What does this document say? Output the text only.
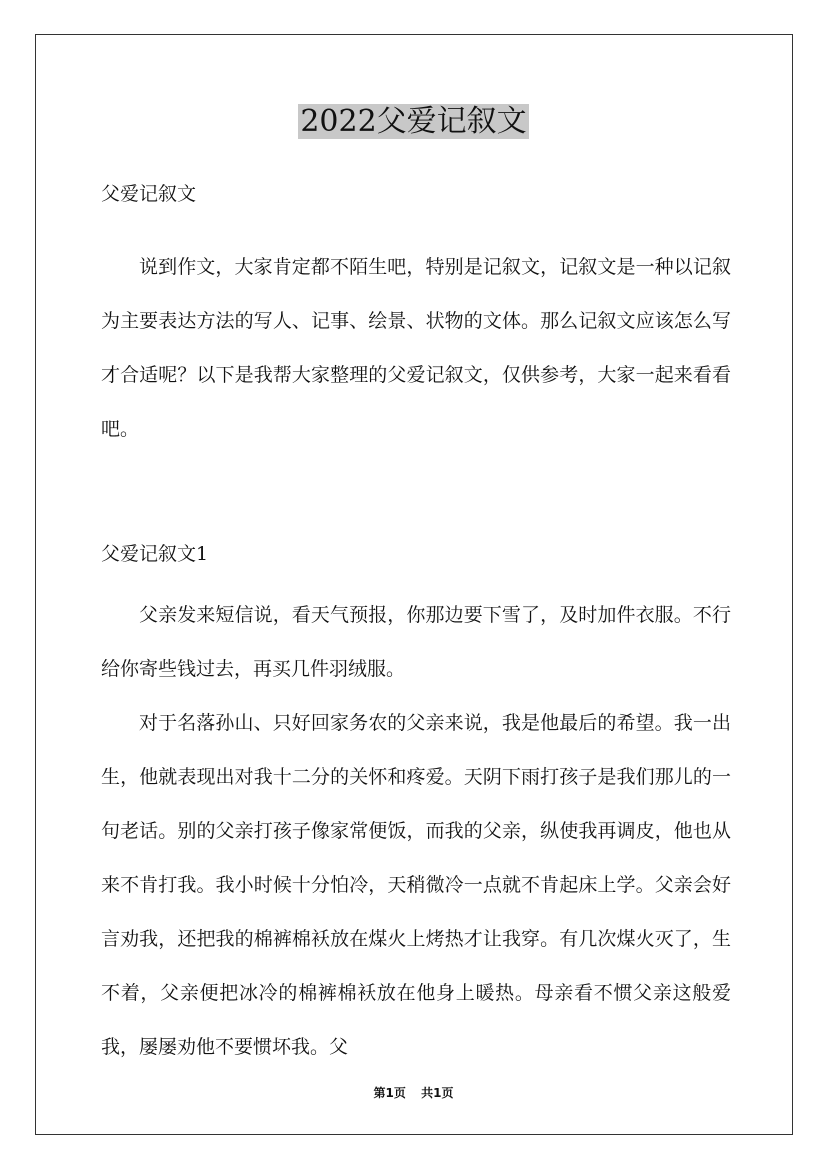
2022父爱记叙文

父爱记叙文

说到作文，大家肯定都不陌生吧，特别是记叙文，记叙文是一种以记叙为主要表达方法的写人、记事、绘景、状物的文体。那么记叙文应该怎么写才合适呢？以下是我帮大家整理的父爱记叙文，仅供参考，大家一起来看看吧。

父爱记叙文1

父亲发来短信说，看天气预报，你那边要下雪了，及时加件衣服。不行给你寄些钱过去，再买几件羽绒服。

对于名落孙山、只好回家务农的父亲来说，我是他最后的希望。我一出生，他就表现出对我十二分的关怀和疼爱。天阴下雨打孩子是我们那儿的一句老话。别的父亲打孩子像家常便饭，而我的父亲，纵使我再调皮，他也从来不肯打我。我小时候十分怕冷，天稍微冷一点就不肯起床上学。父亲会好言劝我，还把我的棉裤棉袄放在煤火上烤热才让我穿。有几次煤火灭了，生不着，父亲便把冰冷的棉裤棉袄放在他身上暖热。母亲看不惯父亲这般爱我，屡屡劝他不要惯坏我。父

第1页 共1页
